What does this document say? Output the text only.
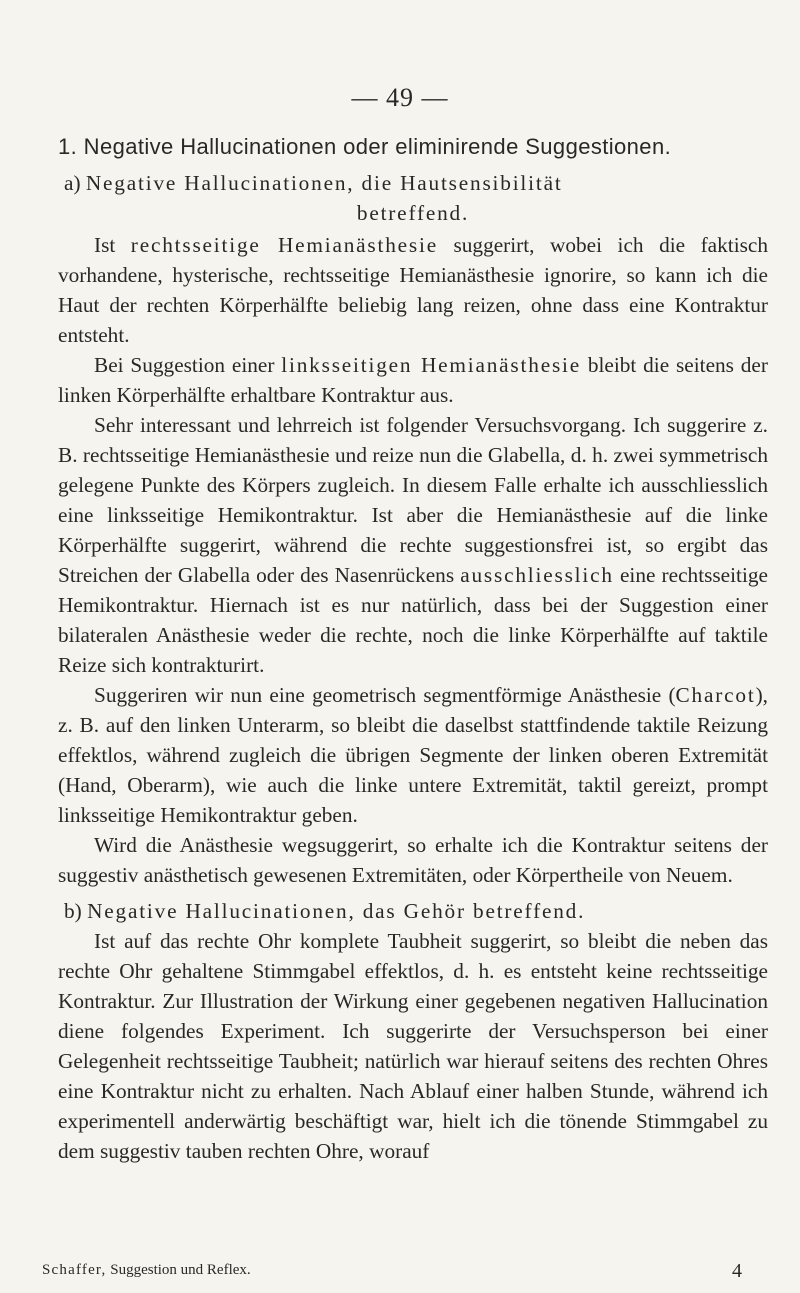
— 49 —
1. Negative Hallucinationen oder eliminirende Suggestionen.
a) Negative Hallucinationen, die Hautsensibilität
betreffend.

Ist rechtsseitige Hemianästhesie suggerirt, wobei ich die faktisch vorhandene, hysterische, rechtsseitige Hemianästhesie ignorire, so kann ich die Haut der rechten Körperhälfte beliebig lang reizen, ohne dass eine Kontraktur entsteht.

Bei Suggestion einer linksseitigen Hemianästhesie bleibt die seitens der linken Körperhälfte erhaltbare Kontraktur aus.

Sehr interessant und lehrreich ist folgender Versuchsvorgang. Ich suggerire z. B. rechtsseitige Hemianästhesie und reize nun die Glabella, d. h. zwei symmetrisch gelegene Punkte des Körpers zugleich. In diesem Falle erhalte ich ausschliesslich eine linksseitige Hemikontraktur. Ist aber die Hemianästhesie auf die linke Körperhälfte suggerirt, während die rechte suggestionsfrei ist, so ergibt das Streichen der Glabella oder des Nasenrückens ausschliesslich eine rechtsseitige Hemikontraktur. Hiernach ist es nur natürlich, dass bei der Suggestion einer bilateralen Anästhesie weder die rechte, noch die linke Körperhälfte auf taktile Reize sich kontrakturirt.

Suggeriren wir nun eine geometrisch segmentförmige Anästhesie (Charcot), z. B. auf den linken Unterarm, so bleibt die daselbst stattfindende taktile Reizung effektlos, während zugleich die übrigen Segmente der linken oberen Extremität (Hand, Oberarm), wie auch die linke untere Extremität, taktil gereizt, prompt linksseitige Hemikontraktur geben.

Wird die Anästhesie wegsuggerirt, so erhalte ich die Kontraktur seitens der suggestiv anästhetisch gewesenen Extremitäten, oder Körpertheile von Neuem.

b) Negative Hallucinationen, das Gehör betreffend.

Ist auf das rechte Ohr komplete Taubheit suggerirt, so bleibt die neben das rechte Ohr gehaltene Stimmgabel effektlos, d. h. es entsteht keine rechtsseitige Kontraktur. Zur Illustration der Wirkung einer gegebenen negativen Hallucination diene folgendes Experiment. Ich suggerirte der Versuchsperson bei einer Gelegenheit rechtsseitige Taubheit; natürlich war hierauf seitens des rechten Ohres eine Kontraktur nicht zu erhalten. Nach Ablauf einer halben Stunde, während ich experimentell anderwärtig beschäftigt war, hielt ich die tönende Stimmgabel zu dem suggestiv tauben rechten Ohre, worauf

Schaffer, Suggestion und Reflex.	4
